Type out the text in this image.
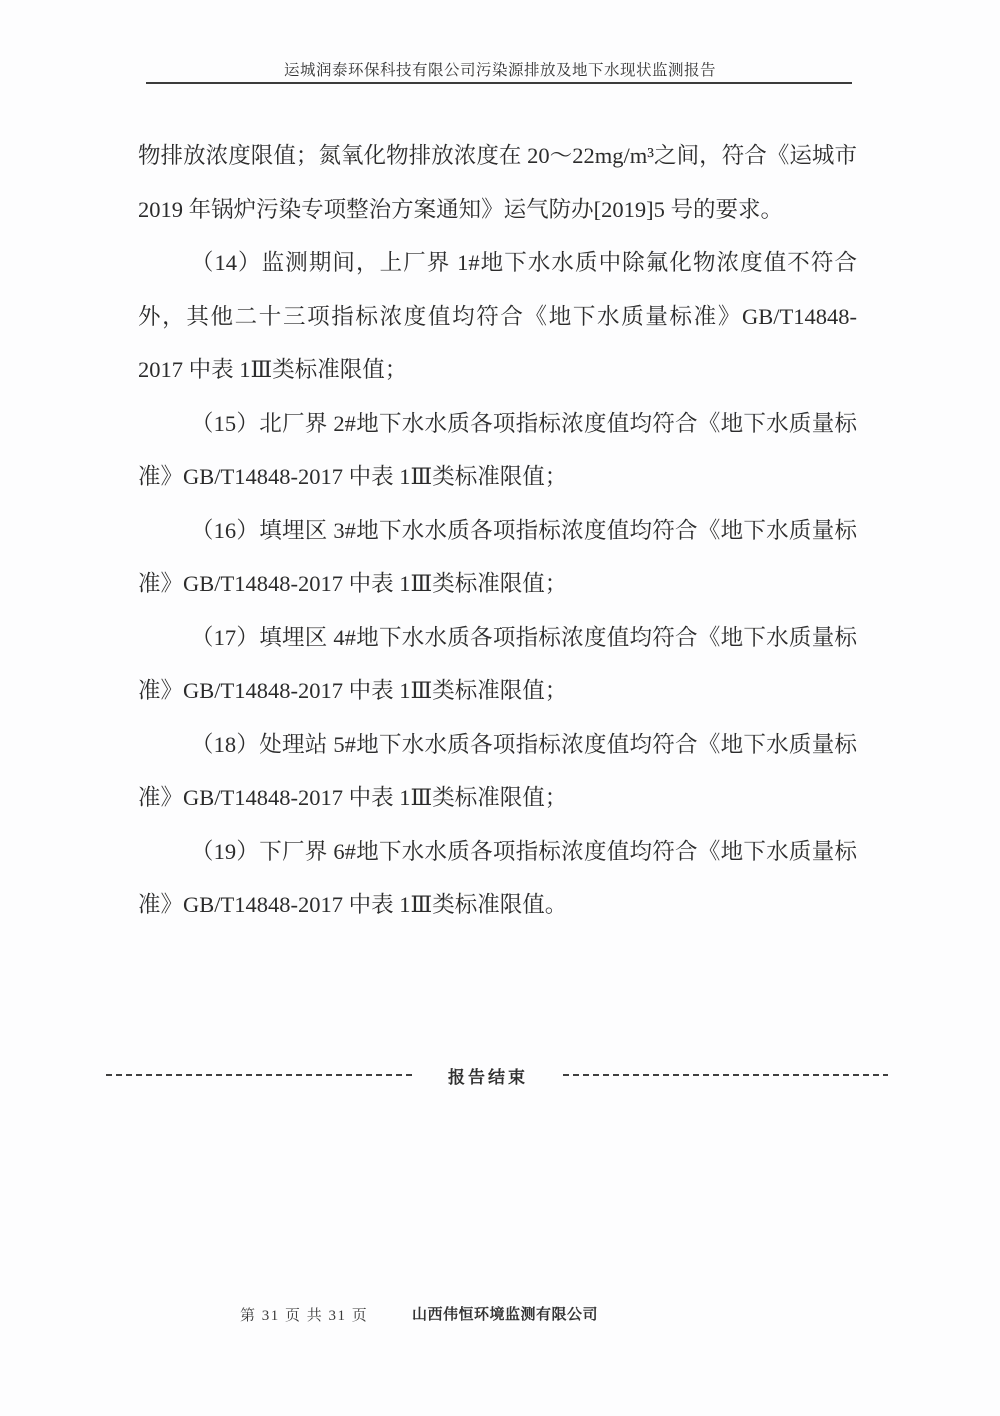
运城润泰环保科技有限公司污染源排放及地下水现状监测报告

物排放浓度限值；氮氧化物排放浓度在 20～22mg/m³之间，符合《运城市 2019 年锅炉污染专项整治方案通知》运气防办[2019]5 号的要求。

（14）监测期间，上厂界 1#地下水水质中除氟化物浓度值不符合外，其他二十三项指标浓度值均符合《地下水质量标准》GB/T14848-2017 中表 1Ⅲ类标准限值；

（15）北厂界 2#地下水水质各项指标浓度值均符合《地下水质量标准》GB/T14848-2017 中表 1Ⅲ类标准限值；

（16）填埋区 3#地下水水质各项指标浓度值均符合《地下水质量标准》GB/T14848-2017 中表 1Ⅲ类标准限值；

（17）填埋区 4#地下水水质各项指标浓度值均符合《地下水质量标准》GB/T14848-2017 中表 1Ⅲ类标准限值；

（18）处理站 5#地下水水质各项指标浓度值均符合《地下水质量标准》GB/T14848-2017 中表 1Ⅲ类标准限值；

（19）下厂界 6#地下水水质各项指标浓度值均符合《地下水质量标准》GB/T14848-2017 中表 1Ⅲ类标准限值。

报告结束
第 31 页 共 31 页	山西伟恒环境监测有限公司
